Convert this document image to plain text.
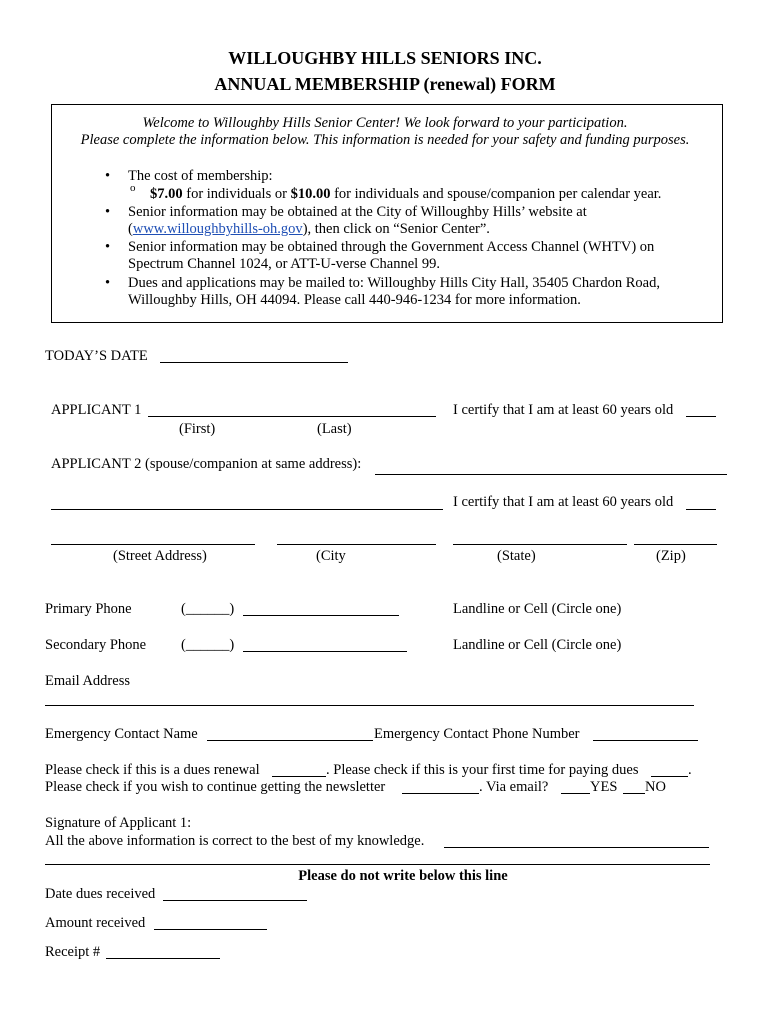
WILLOUGHBY HILLS SENIORS INC.
ANNUAL MEMBERSHIP (renewal) FORM
Welcome to Willoughby Hills Senior Center! We look forward to your participation.
Please complete the information below. This information is needed for your safety and funding purposes.
• The cost of membership:
o $7.00 for individuals or $10.00 for individuals and spouse/companion per calendar year.
• Senior information may be obtained at the City of Willoughby Hills’ website at
(www.willoughbyhills-oh.gov), then click on “Senior Center”.
• Senior information may be obtained through the Government Access Channel (WHTV) on
Spectrum Channel 1024, or ATT-U-verse Channel 99.
• Dues and applications may be mailed to: Willoughby Hills City Hall, 35405 Chardon Road,
Willoughby Hills, OH 44094. Please call 440-946-1234 for more information.
TODAY’S DATE
APPLICANT 1
(First)	(Last)
I certify that I am at least 60 years old
APPLICANT 2 (spouse/companion at same address):
I certify that I am at least 60 years old
(Street Address)	(City	(State)	(Zip)
Primary Phone	(______)	Landline or Cell (Circle one)
Secondary Phone (______)	Landline or Cell (Circle one)
Email Address
Emergency Contact Name	Emergency Contact Phone Number
Please check if this is a dues renewal	. Please check if this is your first time for paying dues	.
Please check if you wish to continue getting the newsletter	. Via email?	YES NO
Signature of Applicant 1:
All the above information is correct to the best of my knowledge.
Please do not write below this line
Date dues received
Amount received
Receipt #
